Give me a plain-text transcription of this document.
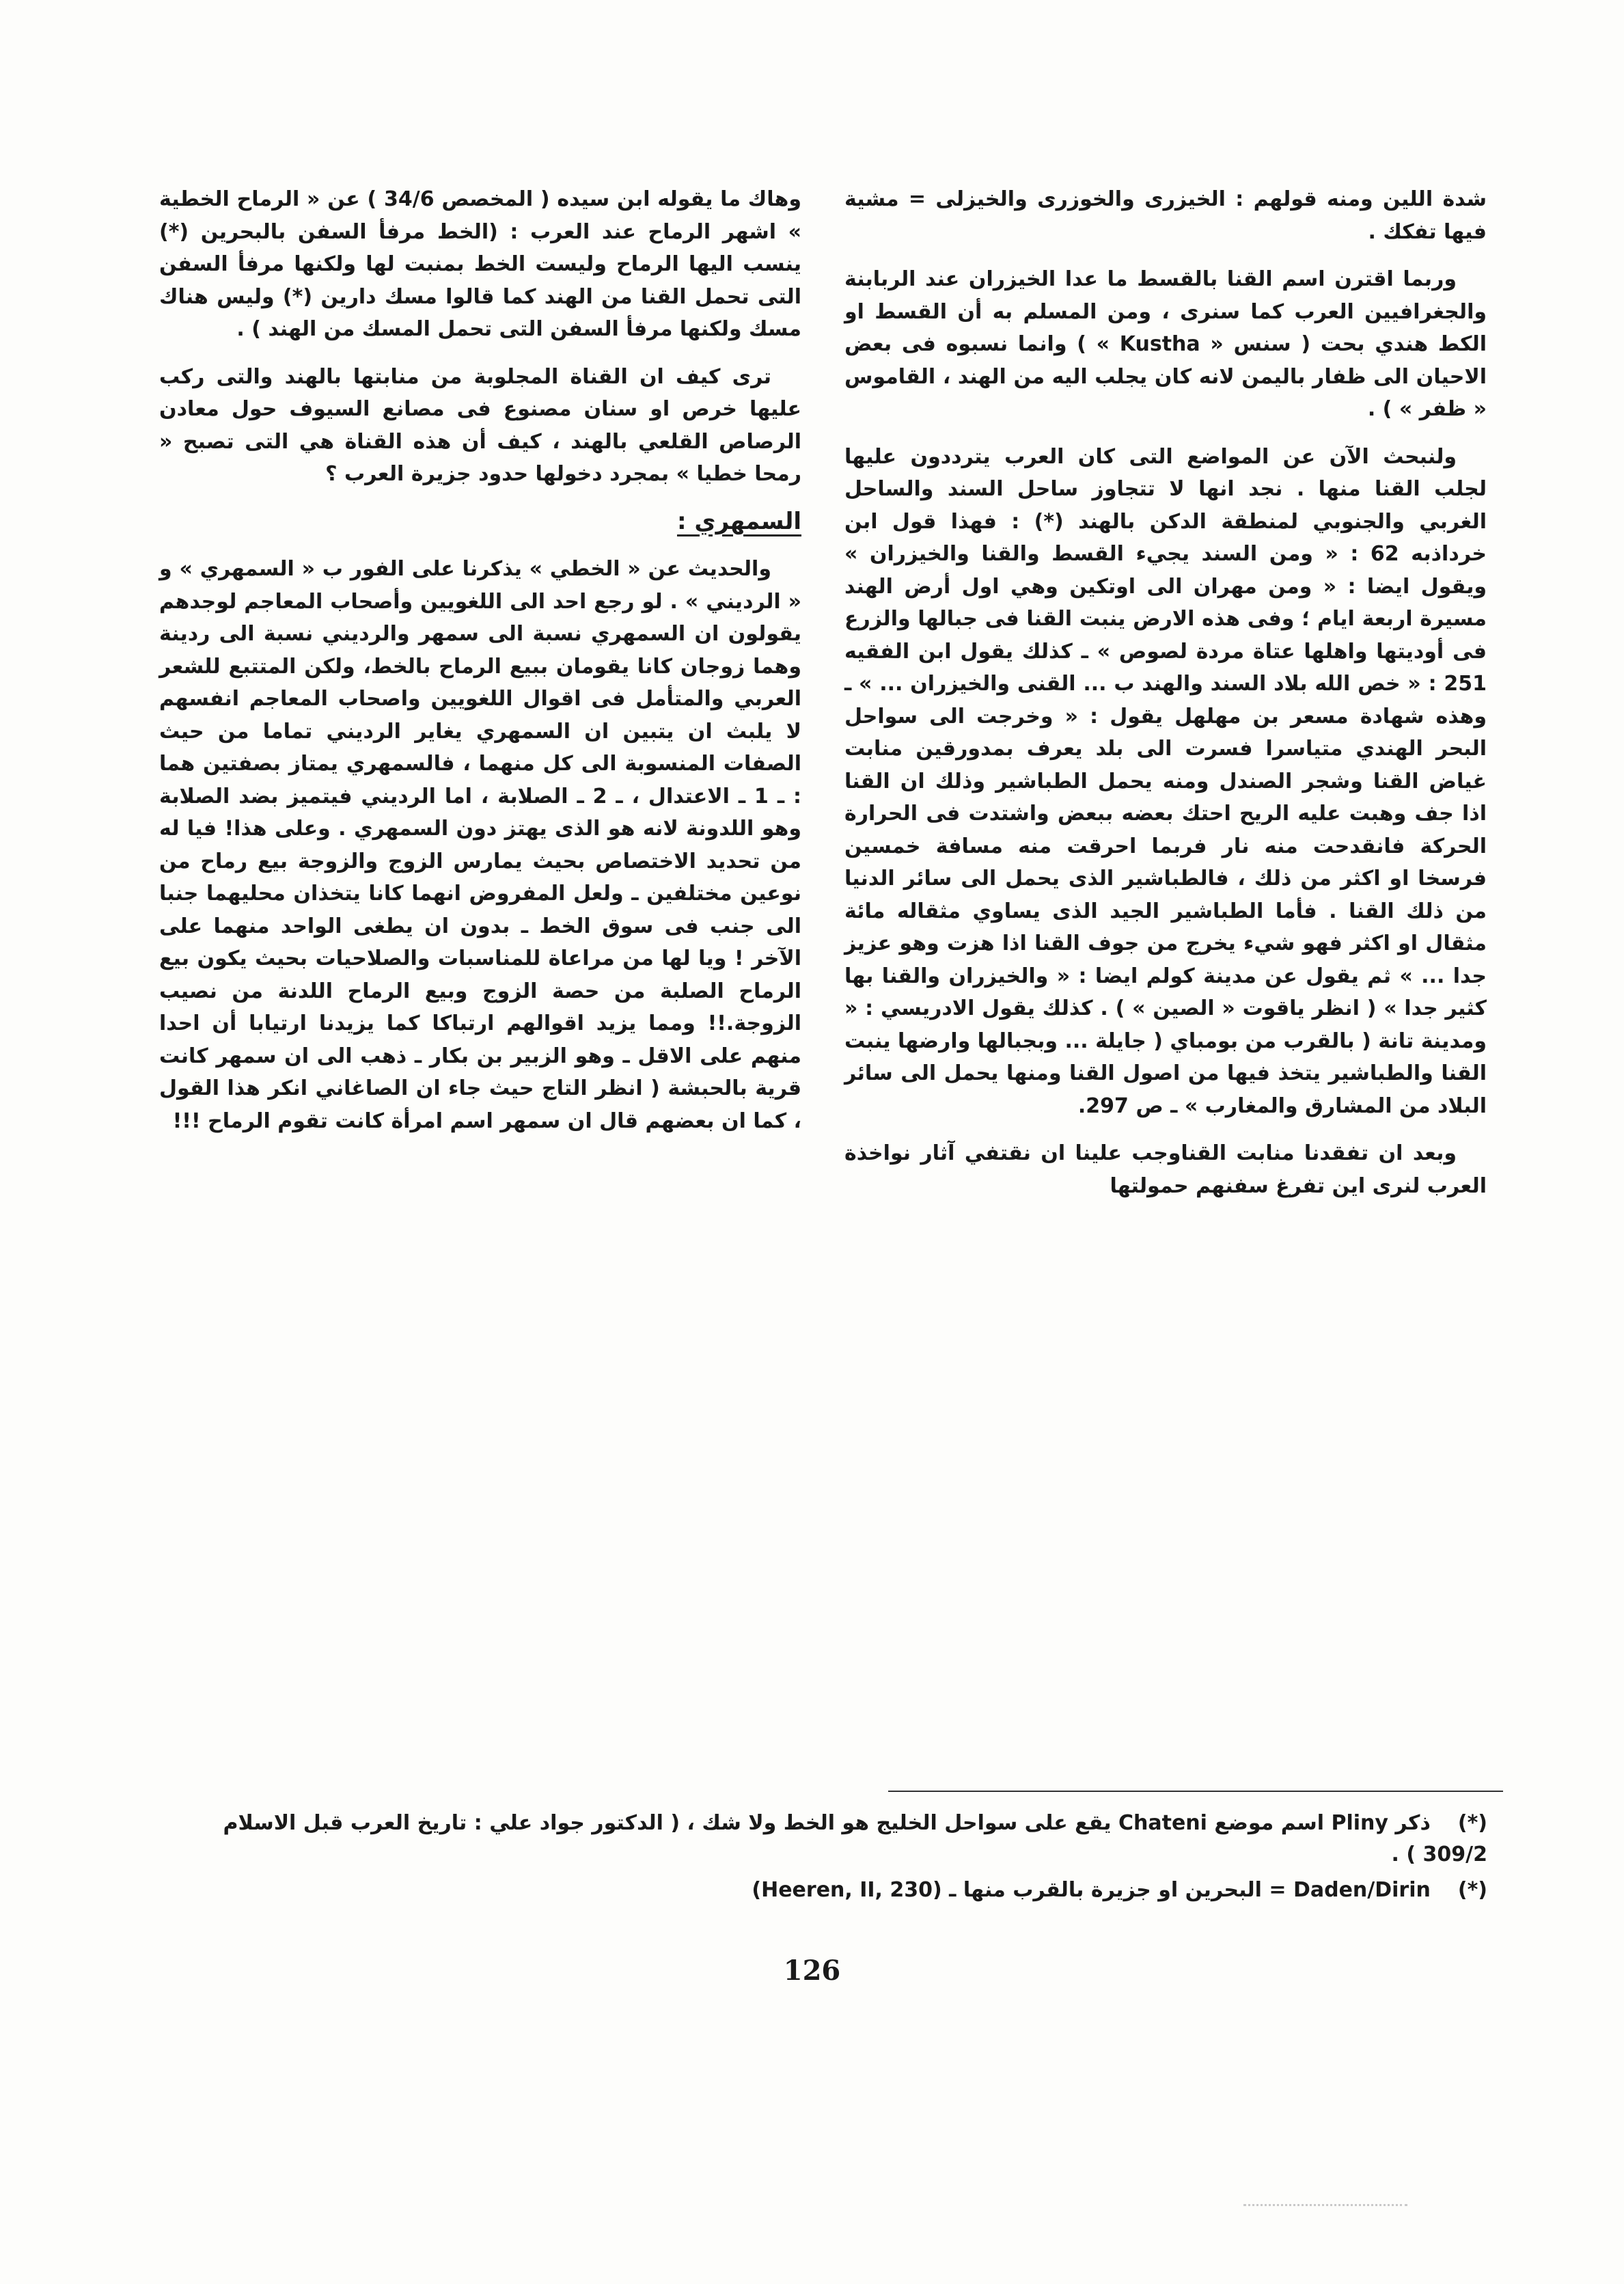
شدة اللين ومنه قولهم : الخيزرى والخوزرى والخيزلى = مشية فيها تفكك .

وربما اقترن اسم القنا بالقسط ما عدا الخيزران عند الربابنة والجغرافيين العرب كما سنرى ، ومن المسلم به أن القسط او الكط هندي بحت ( سنس « Kustha » ) وانما نسبوه فى بعض الاحيان الى ظفار باليمن لانه كان يجلب اليه من الهند ، القاموس « ظفر » ) .

ولنبحث الآن عن المواضع التى كان العرب يترددون عليها لجلب القنا منها . نجد انها لا تتجاوز ساحل السند والساحل الغربي والجنوبي لمنطقة الدكن بالهند (*) : فهذا قول ابن خرداذبه 62 : « ومن السند يجيء القسط والقنا والخيزران » ويقول ايضا : « ومن مهران الى اوتكين وهي اول أرض الهند مسيرة اربعة ايام ؛ وفى هذه الارض ينبت القنا فى جبالها والزرع فى أوديتها واهلها عتاة مردة لصوص » ـ كذلك يقول ابن الفقيه 251 : « خص الله بلاد السند والهند ب ... القنى والخيزران ... » ـ وهذه شهادة مسعر بن مهلهل يقول : « وخرجت الى سواحل البحر الهندي متياسرا فسرت الى بلد يعرف بمدورقين منابت غياض القنا وشجر الصندل ومنه يحمل الطباشير وذلك ان القنا اذا جف وهبت عليه الريح احتك بعضه ببعض واشتدت فى الحرارة الحركة فانقدحت منه نار فربما احرقت منه مسافة خمسين فرسخا او اكثر من ذلك ، فالطباشير الذى يحمل الى سائر الدنيا من ذلك القنا . فأما الطباشير الجيد الذى يساوي مثقاله مائة مثقال او اكثر فهو شيء يخرج من جوف القنا اذا هزت وهو عزيز جدا ... » ثم يقول عن مدينة كولم ايضا : « والخيزران والقنا بها كثير جدا » ( انظر ياقوت « الصين » ) . كذلك يقول الادريسي : « ومدينة تانة ( بالقرب من بومباي ( جايلة ... وبجبالها وارضها ينبت القنا والطباشير يتخذ فيها من اصول القنا ومنها يحمل الى سائر البلاد من المشارق والمغارب » ـ ص 297.

وبعد ان تفقدنا منابت القناوجب علينا ان نقتفي آثار نواخذة العرب لنرى اين تفرغ سفنهم حمولتها

وهاك ما يقوله ابن سيده ( المخصص 34/6 ) عن « الرماح الخطية » اشهر الرماح عند العرب : (الخط مرفأ السفن بالبحرين (*) ينسب اليها الرماح وليست الخط بمنبت لها ولكنها مرفأ السفن التى تحمل القنا من الهند كما قالوا مسك دارين (*) وليس هناك مسك ولكنها مرفأ السفن التى تحمل المسك من الهند ) .

ترى كيف ان القناة المجلوبة من منابتها بالهند والتى ركب عليها خرص او سنان مصنوع فى مصانع السيوف حول معادن الرصاص القلعي بالهند ، كيف أن هذه القناة هي التى تصبح « رمحا خطيا » بمجرد دخولها حدود جزيرة العرب ؟

السمهري :

والحديث عن « الخطي » يذكرنا على الفور ب « السمهري » و « الرديني » . لو رجع احد الى اللغويين وأصحاب المعاجم لوجدهم يقولون ان السمهري نسبة الى سمهر والرديني نسبة الى ردينة وهما زوجان كانا يقومان ببيع الرماح بالخط، ولكن المتتبع للشعر العربي والمتأمل فى اقوال اللغويين واصحاب المعاجم انفسهم لا يلبث ان يتبين ان السمهري يغاير الرديني تماما من حيث الصفات المنسوبة الى كل منهما ، فالسمهري يمتاز بصفتين هما : ـ 1 ـ الاعتدال ، ـ 2 ـ الصلابة ، اما الرديني فيتميز بضد الصلابة وهو اللدونة لانه هو الذى يهتز دون السمهري . وعلى هذا! فيا له من تحديد الاختصاص بحيث يمارس الزوج والزوجة بيع رماح من نوعين مختلفين ـ ولعل المفروض انهما كانا يتخذان محليهما جنبا الى جنب فى سوق الخط ـ بدون ان يطغى الواحد منهما على الآخر ! ويا لها من مراعاة للمناسبات والصلاحيات بحيث يكون بيع الرماح الصلبة من حصة الزوج وبيع الرماح اللدنة من نصيب الزوجة.!! ومما يزيد اقوالهم ارتباكا كما يزيدنا ارتيابا أن احدا منهم على الاقل ـ وهو الزبير بن بكار ـ ذهب الى ان سمهر كانت قرية بالحبشة ( انظر التاج حيث جاء ان الصاغاني انكر هذا القول ، كما ان بعضهم قال ان سمهر اسم امرأة كانت تقوم الرماح !!!

(*)ذكر Pliny اسم موضع Chateni يقع على سواحل الخليج هو الخط ولا شك ، ( الدكتور جواد علي : تاريخ العرب قبل الاسلام 309/2 ) .

(*)Daden/Dirin = البحرين او جزيرة بالقرب منها ـ (Heeren, II, 230)

126
